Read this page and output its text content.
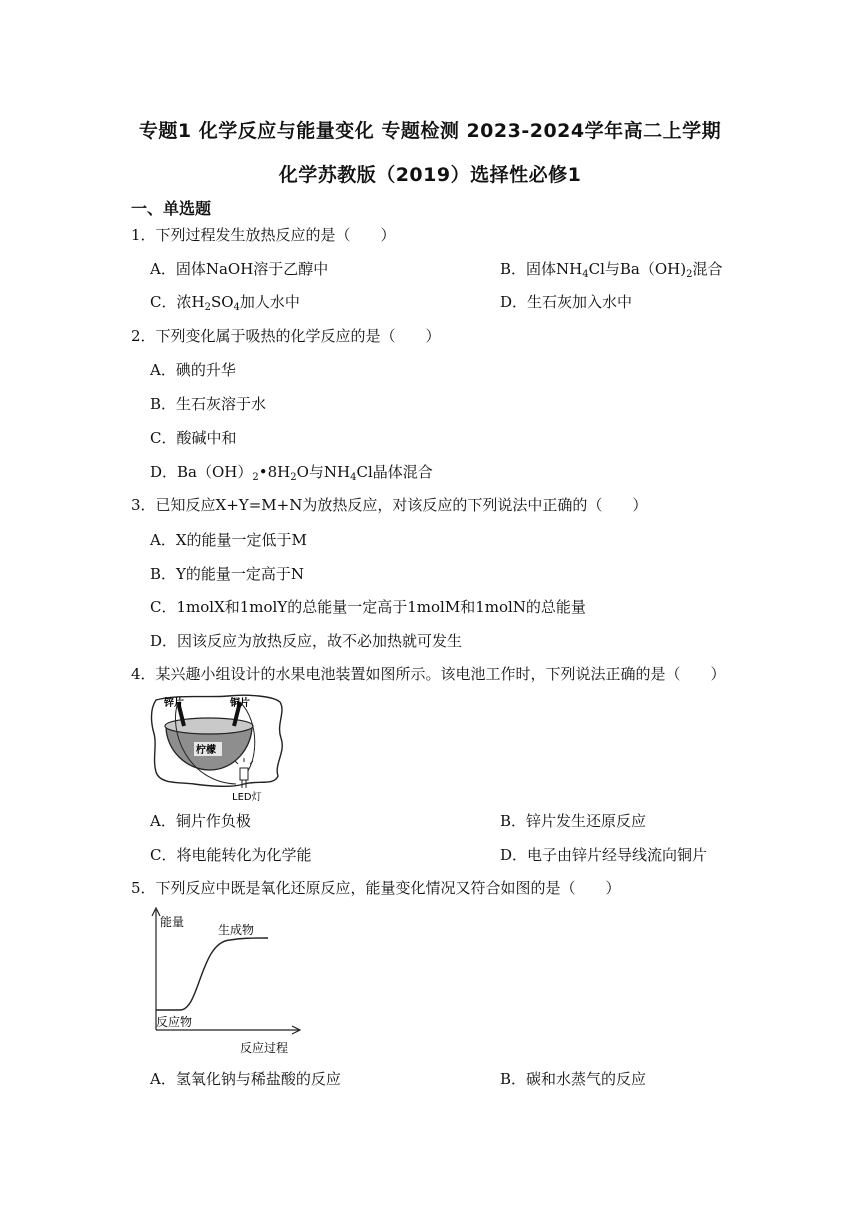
专题1 化学反应与能量变化 专题检测 2023-2024学年高二上学期
化学苏教版（2019）选择性必修1
一、单选题
1．下列过程发生放热反应的是（　　）
A．固体NaOH溶于乙醇中	B．固体$NH_4Cl$与$Ba(OH)_2$混合
C．浓$H_2SO_4$加人水中	D．生石灰加入水中
2．下列变化属于吸热的化学反应的是（　　）
A．碘的升华
B．生石灰溶于水
C．酸碱中和
D．$Ba(OH)_2•8H_2O$与$NH_4Cl$晶体混合
3．已知反应X+Y=M+N为放热反应，对该反应的下列说法中正确的（　　）
A．X的能量一定低于M
B．Y的能量一定高于N
C．1molX和1molY的总能量一定高于1molM和1molN的总能量
D．因该反应为放热反应，故不必加热就可发生
4．某兴趣小组设计的水果电池装置如图所示。该电池工作时，下列说法正确的是（　　）
锌片	铜片
柠檬
LED灯
A．铜片作负极	B．锌片发生还原反应
C．将电能转化为化学能	D．电子由锌片经导线流向铜片
5．下列反应中既是氧化还原反应，能量变化情况又符合如图的是（　　）
能量
生成物
反应物
反应过程
A．氢氧化钠与稀盐酸的反应	B．碳和水蒸气的反应
